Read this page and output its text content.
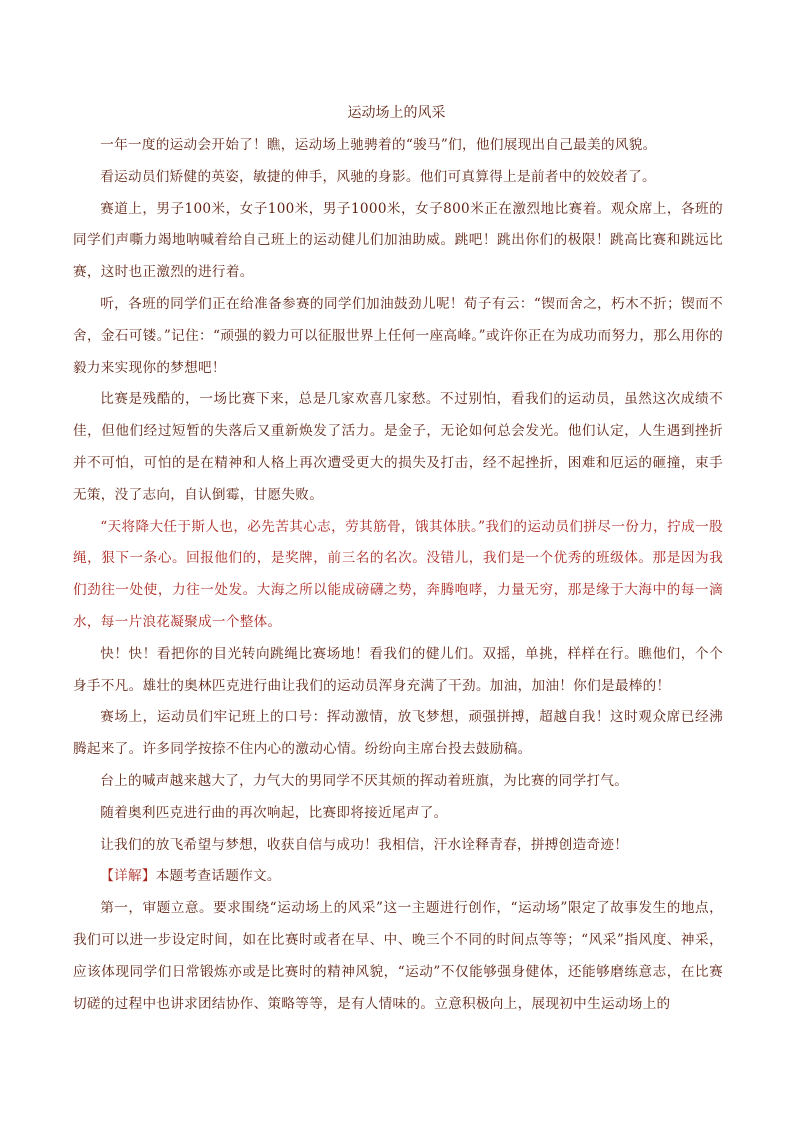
运动场上的风采

一年一度的运动会开始了！瞧，运动场上驰骋着的“骏马”们，他们展现出自己最美的风貌。

看运动员们矫健的英姿，敏捷的伸手，风驰的身影。他们可真算得上是前者中的姣姣者了。

赛道上，男子100米，女子100米，男子1000米，女子800米正在激烈地比赛着。观众席上，各班的同学们声嘶力竭地呐喊着给自己班上的运动健儿们加油助威。跳吧！跳出你们的极限！跳高比赛和跳远比赛，这时也正激烈的进行着。

听，各班的同学们正在给准备参赛的同学们加油鼓劲儿呢！荀子有云：“锲而舍之，朽木不折；锲而不舍，金石可镂。”记住：“顽强的毅力可以征服世界上任何一座高峰。”或许你正在为成功而努力，那么用你的毅力来实现你的梦想吧！

比赛是残酷的，一场比赛下来，总是几家欢喜几家愁。不过别怕，看我们的运动员，虽然这次成绩不佳，但他们经过短暂的失落后又重新焕发了活力。是金子，无论如何总会发光。他们认定，人生遇到挫折并不可怕，可怕的是在精神和人格上再次遭受更大的损失及打击，经不起挫折，困难和厄运的砸撞，束手无策，没了志向，自认倒霉，甘愿失败。

“天将降大任于斯人也，必先苦其心志，劳其筋骨，饿其体肤。”我们的运动员们拼尽一份力，拧成一股绳，狠下一条心。回报他们的，是奖牌，前三名的名次。没错儿，我们是一个优秀的班级体。那是因为我们劲往一处使，力往一处发。大海之所以能成磅礴之势，奔腾咆哮，力量无穷，那是缘于大海中的每一滴水，每一片浪花凝聚成一个整体。

快！快！看把你的目光转向跳绳比赛场地！看我们的健儿们。双摇，单挑，样样在行。瞧他们，个个身手不凡。雄壮的奥林匹克进行曲让我们的运动员浑身充满了干劲。加油，加油！你们是最棒的！

赛场上，运动员们牢记班上的口号：挥动激情，放飞梦想，顽强拼搏，超越自我！这时观众席已经沸腾起来了。许多同学按捺不住内心的激动心情。纷纷向主席台投去鼓励稿。

台上的喊声越来越大了，力气大的男同学不厌其烦的挥动着班旗，为比赛的同学打气。

随着奥利匹克进行曲的再次响起，比赛即将接近尾声了。

让我们的放飞希望与梦想，收获自信与成功！我相信，汗水诠释青春，拼搏创造奇迹！

【详解】本题考查话题作文。

第一，审题立意。要求围绕“运动场上的风采”这一主题进行创作，“运动场”限定了故事发生的地点，我们可以进一步设定时间，如在比赛时或者在早、中、晚三个不同的时间点等等；“风采”指风度、神采，应该体现同学们日常锻炼亦或是比赛时的精神风貌，“运动”不仅能够强身健体，还能够磨练意志，在比赛切磋的过程中也讲求团结协作、策略等等，是有人情味的。立意积极向上，展现初中生运动场上的
